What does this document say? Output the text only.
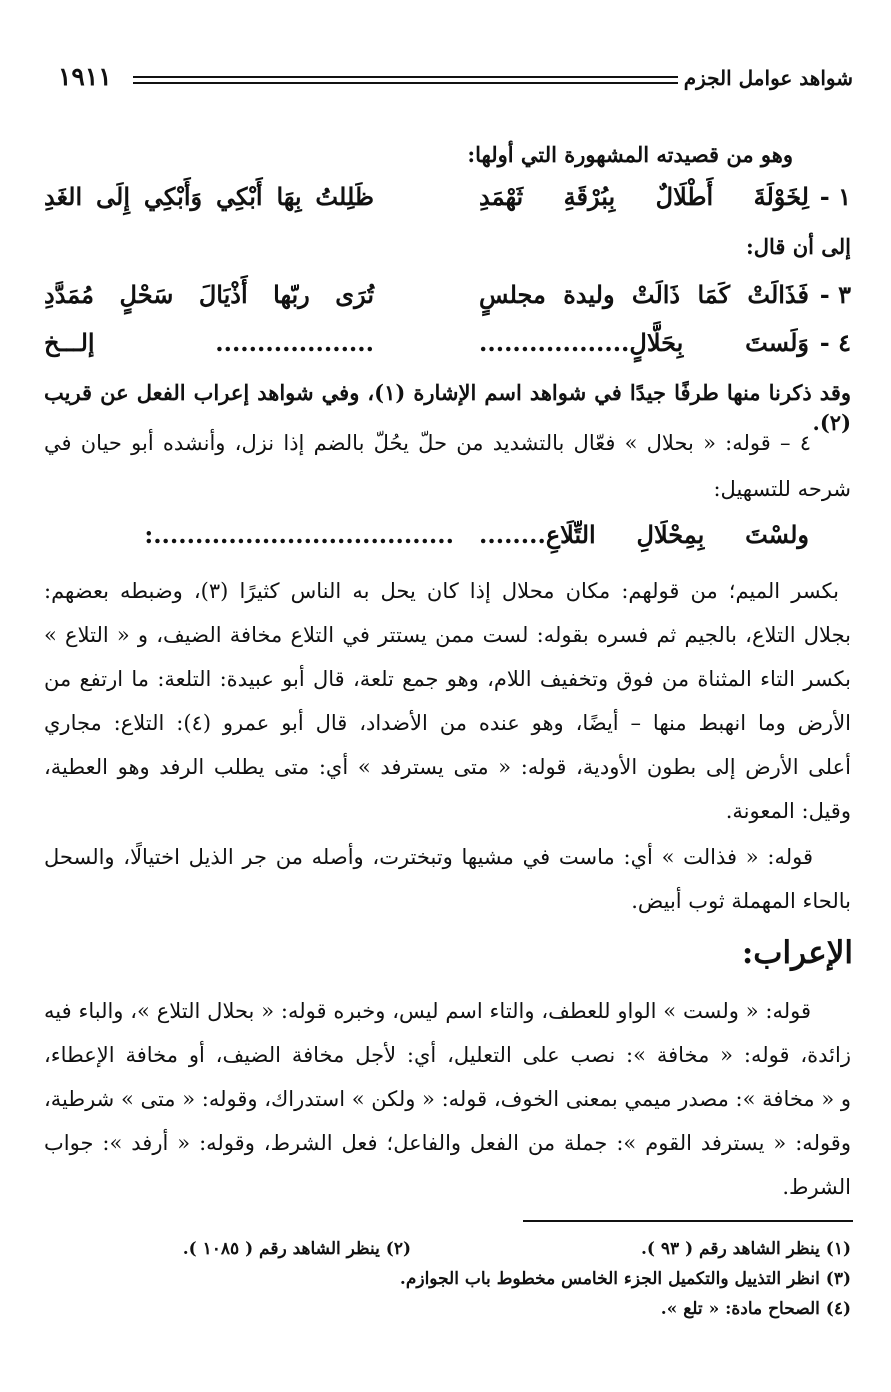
شواهد عوامل الجزم
١٩١١
وهو من قصيدته المشهورة التي أولها:
١ -
لِخَوْلَةَ أَطْلَالٌ بِبُرْقَةِ ثَهْمَدِ
ظَلِلتُ بِهَا أَبْكِي وَأَبْكِي إِلَى الغَدِ
إلى أن قال:
٣ -
فَذَالَتْ كَمَا ذَالَتْ وليدة مجلسٍ
تُرَى ربّها أَذْيَالَ سَحْلٍ مُمَدَّدِ
٤ -
وَلَستَ بِحَلَّالٍ..................
................... إلـــخ
وقد ذكرنا منها طرفًا جيدًا في شواهد اسم الإشارة (١)، وفي شواهد إعراب الفعل عن قريب (٢).
٤ – قوله: « بحلال » فعّال بالتشديد من حلّ يحُلّ بالضم إذا نزل، وأنشده أبو حيان في
شرحه للتسهيل:
ولسْتَ بِمِحْلَالِ التِّلَاعِ........
....................................:
بكسر الميم؛ من قولهم: مكان محلال إذا كان يحل به الناس كثيرًا (٣)، وضبطه بعضهم:
بجلال التلاع، بالجيم ثم فسره بقوله: لست ممن يستتر في التلاع مخافة الضيف، و « التلاع »
بكسر التاء المثناة من فوق وتخفيف اللام، وهو جمع تلعة، قال أبو عبيدة: التلعة: ما ارتفع من
الأرض وما انهبط منها – أيضًا، وهو عنده من الأضداد، قال أبو عمرو (٤): التلاع: مجاري
أعلى الأرض إلى بطون الأودية، قوله: « متى يسترفد » أي: متى يطلب الرفد وهو العطية،
وقيل: المعونة.
قوله: « فذالت » أي: ماست في مشيها وتبخترت، وأصله من جر الذيل اختيالًا، والسحل
بالحاء المهملة ثوب أبيض.
الإعراب:
قوله: « ولست » الواو للعطف، والتاء اسم ليس، وخبره قوله: « بحلال التلاع »، والباء فيه
زائدة، قوله: « مخافة »: نصب على التعليل، أي: لأجل مخافة الضيف، أو مخافة الإعطاء،
و « مخافة »: مصدر ميمي بمعنى الخوف، قوله: « ولكن » استدراك، وقوله: « متى » شرطية،
وقوله: « يسترفد القوم »: جملة من الفعل والفاعل؛ فعل الشرط، وقوله: « أرفد »: جواب
الشرط.
(١) ينظر الشاهد رقم ( ٩٣ ).
(٢) ينظر الشاهد رقم ( ١٠٨٥ ).
(٣) انظر التذييل والتكميل الجزء الخامس مخطوط باب الجوازم.
(٤) الصحاح مادة: « تلع ».
